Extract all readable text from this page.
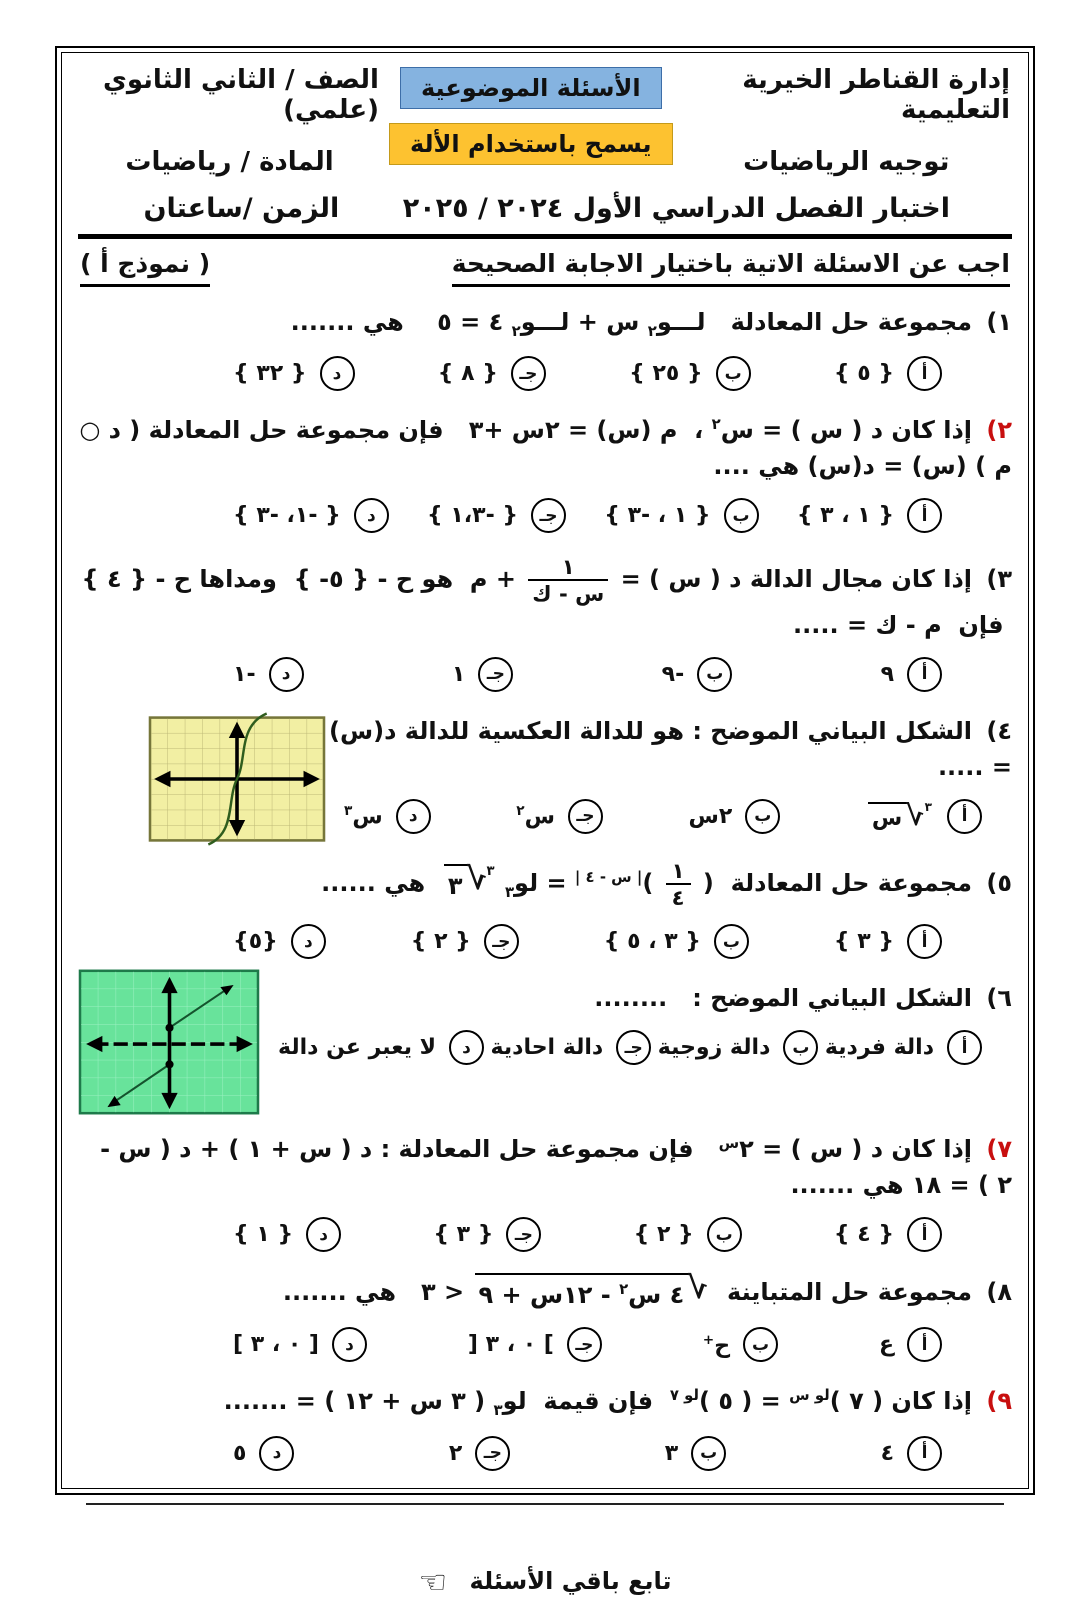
إدارة القناطر الخيرية التعليمية
توجيه الرياضيات
الأسئلة الموضوعية
يسمح باستخدام الألة
الصف / الثاني الثانوي (علمي)
المادة / رياضيات
اختبار الفصل الدراسي الأول ٢٠٢٤ / ٢٠٢٥
الزمن /ساعتان
اجب عن الاسئلة الاتية باختيار الاجابة الصحيحة
( نموذج أ )
١) مجموعة حل المعادلة   لـــو$_٢$ س + لـــو$_٢$ ٤ = ٥    هي .......
أ
{ ٥ }
ب
{ ٢٥ }
جـ
{ ٨ }
د
{ ٣٢ }
٢) إذا كان د ( س ) = س$^٢$ ،  م (س) = ٢س +٣   فإن مجموعة حل المعادلة ( د ○ م ) (س) = د(س) هي ....
أ
{ ٣ ، ١ }
ب
{ ٣- ، ١ }
جـ
{ ١،٣- }
د
{ ٣- ،١- }
٣) إذا كان مجال الدالة د ( س ) =
$\frac{١}{\text{س - ك}}$
+ م  هو ح - { -٥ }  ومداها ح - { ٤ }  فإن  م - ك = .....
أ
٩
ب
٩-
جـ
١
د
١-
٤) الشكل البياني الموضح : هو للدالة العكسية للدالة د(س) = .....
أ
٣
√
س
ب
٢س
جـ
س$^٢$
د
س$^٣$
٥) مجموعة حل المعادلة  (
$\frac{١}{٤}$
)$^{| س - ٤ |}$ = لو$_٣$
٣
√
٣
هي ......
أ
{ ٣ }
ب
{ ٥ ، ٣ }
جـ
{ ٢ }
د
{٥}
٦) الشكل البياني الموضح :   ........
أ
دالة فردية
ب
دالة زوجية
جـ
دالة احادية
د
لا يعبر عن دالة
٧) إذا كان د ( س ) = $٢^س$   فإن مجموعة حل المعادلة : د ( س + ١ ) + د ( س - ٢ ) = ١٨ هي .......
أ
{ ٤ }
ب
{ ٢ }
جـ
{ ٣ }
د
{ ١ }
٨) مجموعة حل المتباينة
√
٤ س$^٢$ - ١٢س + ٩
< ٣   هي .......
أ
ع
ب
ح+
جـ
] ٣ ، ٠ [
د
[ ٣ ، ٠ ]
٩) إذا كان ( ٧ )$^{لو س}$ = ( ٥ )$^{لو ٧}$  فإن قيمة  لو$_٣$ ( ٣ س + ١٢ ) = .......
أ
٤
ب
٣
جـ
٢
د
٥
تابع باقي الأسئلة ☜
